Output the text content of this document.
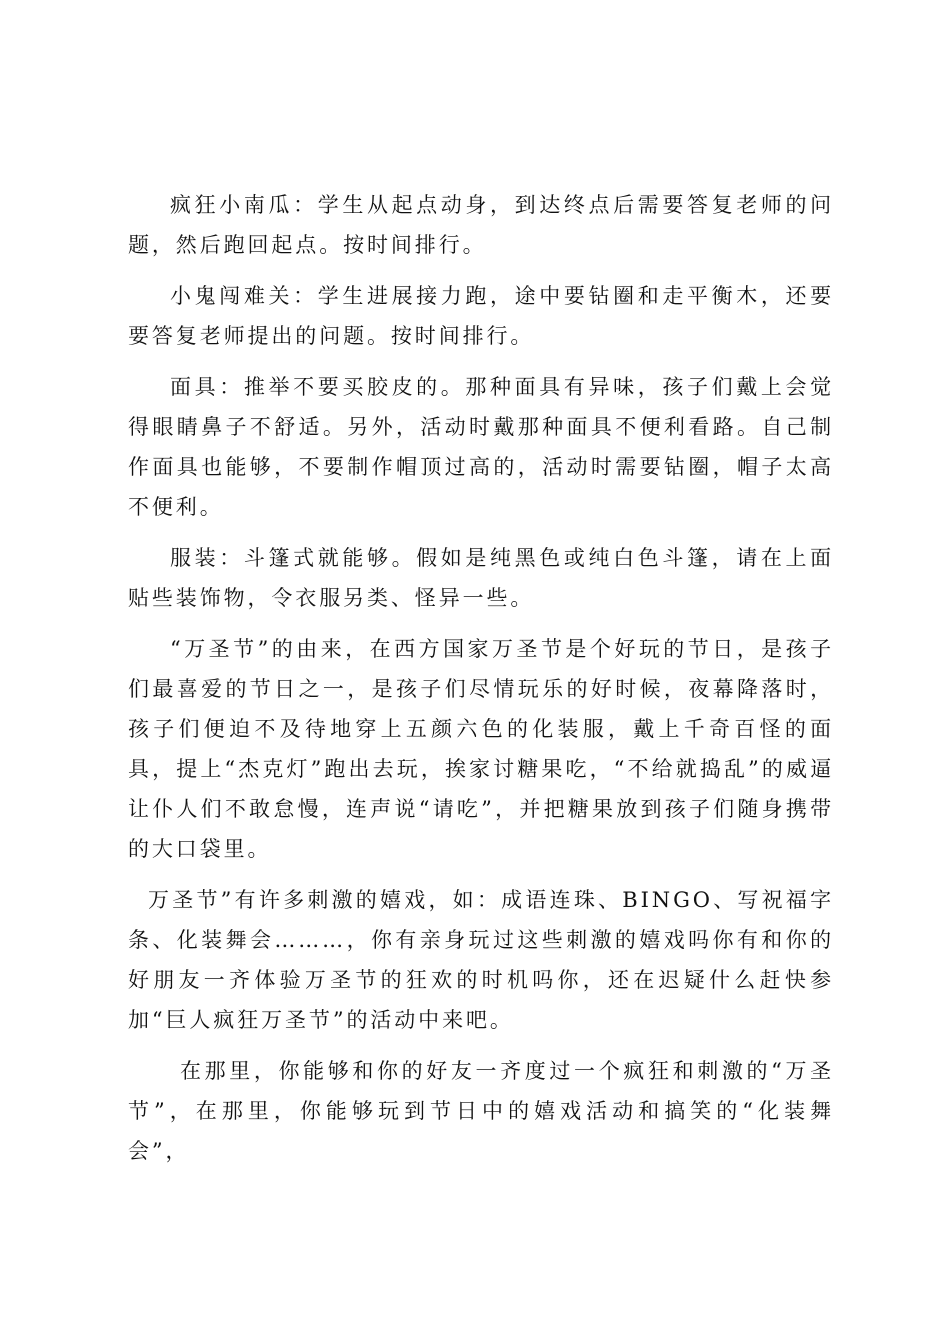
疯狂小南瓜：学生从起点动身，到达终点后需要答复老师的问题，然后跑回起点。按时间排行。

小鬼闯难关：学生进展接力跑，途中要钻圈和走平衡木，还要要答复老师提出的问题。按时间排行。

面具：推举不要买胶皮的。那种面具有异味，孩子们戴上会觉得眼睛鼻子不舒适。另外，活动时戴那种面具不便利看路。自己制作面具也能够，不要制作帽顶过高的，活动时需要钻圈，帽子太高不便利。

服装：斗篷式就能够。假如是纯黑色或纯白色斗篷，请在上面贴些装饰物，令衣服另类、怪异一些。

“万圣节”的由来，在西方国家万圣节是个好玩的节日，是孩子们最喜爱的节日之一，是孩子们尽情玩乐的好时候，夜幕降落时，孩子们便迫不及待地穿上五颜六色的化装服，戴上千奇百怪的面具，提上“杰克灯”跑出去玩，挨家讨糖果吃，“不给就捣乱”的威逼让仆人们不敢怠慢，连声说“请吃”，并把糖果放到孩子们随身携带的大口袋里。

万圣节”有许多刺激的嬉戏，如：成语连珠、BINGO、写祝福字条、化装舞会………，你有亲身玩过这些刺激的嬉戏吗你有和你的好朋友一齐体验万圣节的狂欢的时机吗你，还在迟疑什么赶快参加“巨人疯狂万圣节”的活动中来吧。

在那里，你能够和你的好友一齐度过一个疯狂和刺激的“万圣节”，在那里，你能够玩到节日中的嬉戏活动和搞笑的“化装舞会”，
